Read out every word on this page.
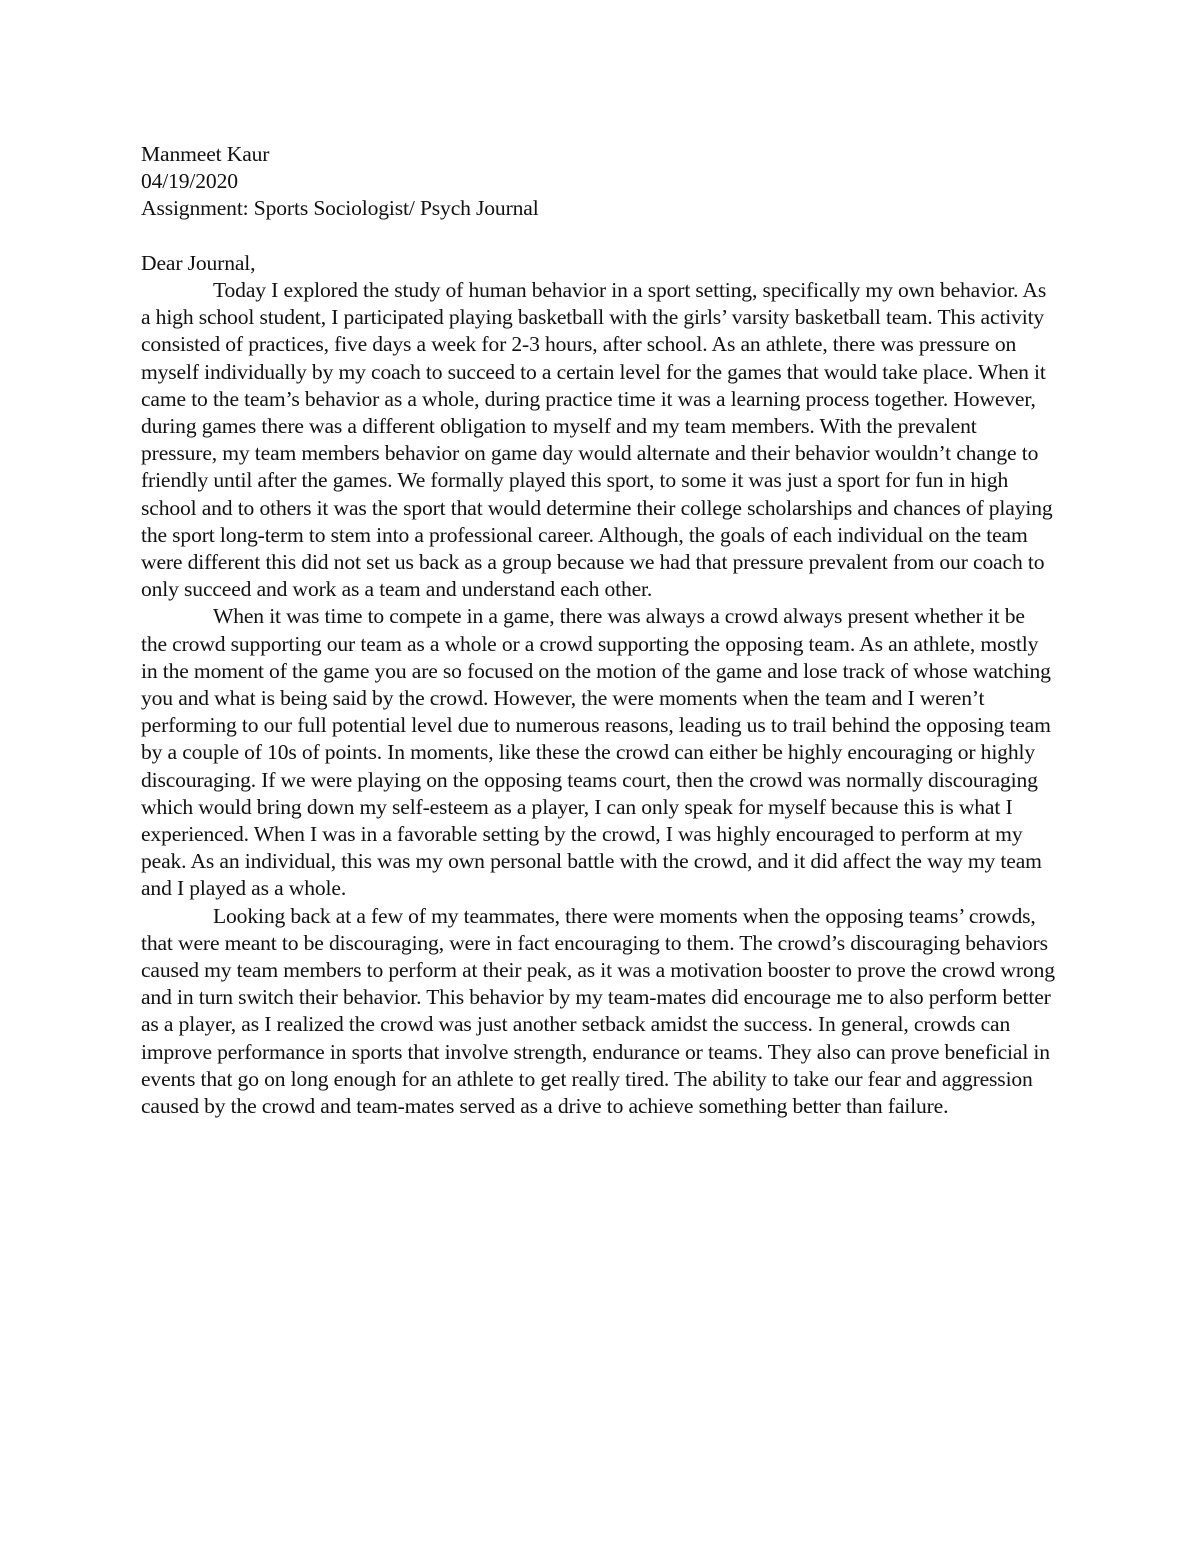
Manmeet Kaur
04/19/2020
Assignment: Sports Sociologist/ Psych Journal
Dear Journal,

Today I explored the study of human behavior in a sport setting, specifically my own behavior. As a high school student, I participated playing basketball with the girls’ varsity basketball team. This activity consisted of practices, five days a week for 2-3 hours, after school. As an athlete, there was pressure on myself individually by my coach to succeed to a certain level for the games that would take place. When it came to the team’s behavior as a whole, during practice time it was a learning process together. However, during games there was a different obligation to myself and my team members. With the prevalent pressure, my team members behavior on game day would alternate and their behavior wouldn’t change to friendly until after the games. We formally played this sport, to some it was just a sport for fun in high school and to others it was the sport that would determine their college scholarships and chances of playing the sport long-term to stem into a professional career. Although, the goals of each individual on the team were different this did not set us back as a group because we had that pressure prevalent from our coach to only succeed and work as a team and understand each other.

When it was time to compete in a game, there was always a crowd always present whether it be the crowd supporting our team as a whole or a crowd supporting the opposing team. As an athlete, mostly in the moment of the game you are so focused on the motion of the game and lose track of whose watching you and what is being said by the crowd. However, the were moments when the team and I weren’t performing to our full potential level due to numerous reasons, leading us to trail behind the opposing team by a couple of 10s of points. In moments, like these the crowd can either be highly encouraging or highly discouraging. If we were playing on the opposing teams court, then the crowd was normally discouraging which would bring down my self-esteem as a player, I can only speak for myself because this is what I experienced. When I was in a favorable setting by the crowd, I was highly encouraged to perform at my peak. As an individual, this was my own personal battle with the crowd, and it did affect the way my team and I played as a whole.

Looking back at a few of my teammates, there were moments when the opposing teams’ crowds, that were meant to be discouraging, were in fact encouraging to them. The crowd’s discouraging behaviors caused my team members to perform at their peak, as it was a motivation booster to prove the crowd wrong and in turn switch their behavior. This behavior by my team-mates did encourage me to also perform better as a player, as I realized the crowd was just another setback amidst the success. In general, crowds can improve performance in sports that involve strength, endurance or teams. They also can prove beneficial in events that go on long enough for an athlete to get really tired. The ability to take our fear and aggression caused by the crowd and team-mates served as a drive to achieve something better than failure.
